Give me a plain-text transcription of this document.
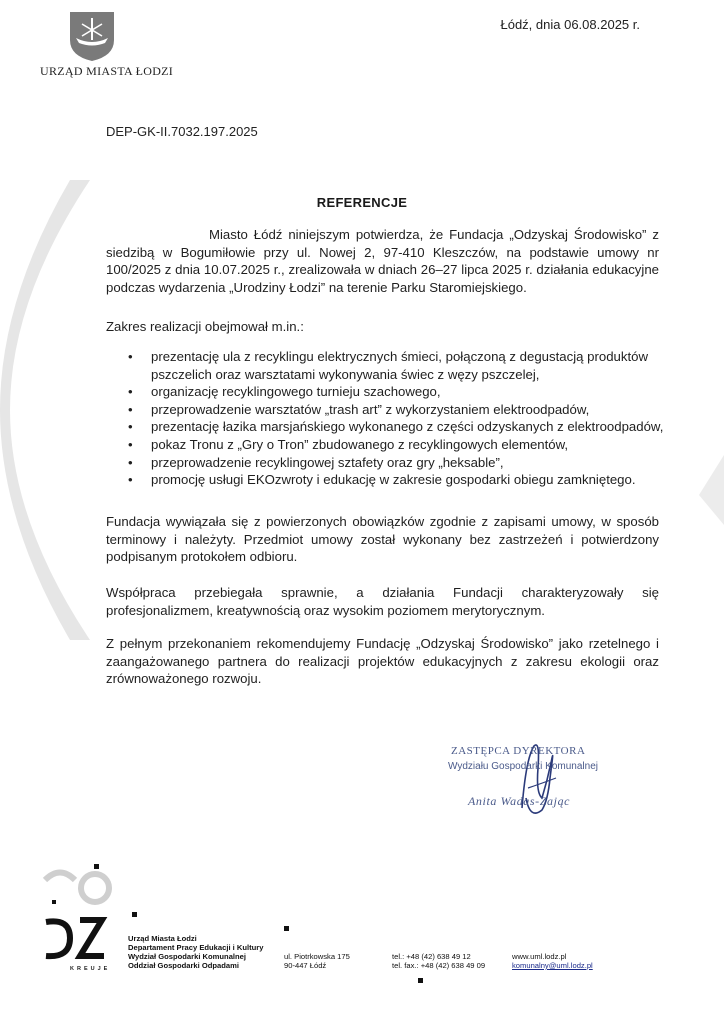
URZĄD MIASTA ŁODZI
Łódź, dnia 06.08.2025 r.
DEP-GK-II.7032.197.2025
REFERENCJE
Miasto Łódź niniejszym potwierdza, że Fundacja „Odzyskaj Środowisko” z siedzibą w Bogumiłowie przy ul. Nowej 2, 97-410 Kleszczów, na podstawie umowy nr 100/2025 z dnia 10.07.2025 r., zrealizowała w dniach 26–27 lipca 2025 r. działania edukacyjne podczas wydarzenia „Urodziny Łodzi” na terenie Parku Staromiejskiego.
Zakres realizacji obejmował m.in.:
• prezentację ula z recyklingu elektrycznych śmieci, połączoną z degustacją produktów pszczelich oraz warsztatami wykonywania świec z węzy pszczelej,
• organizację recyklingowego turnieju szachowego,
• przeprowadzenie warsztatów „trash art” z wykorzystaniem elektroodpadów,
• prezentację łazika marsjańskiego wykonanego z części odzyskanych z elektroodpadów,
• pokaz Tronu z „Gry o Tron” zbudowanego z recyklingowych elementów,
• przeprowadzenie recyklingowej sztafety oraz gry „heksable”,
• promocję usługi EKOzwroty i edukację w zakresie gospodarki obiegu zamkniętego.
Fundacja wywiązała się z powierzonych obowiązków zgodnie z zapisami umowy, w sposób terminowy i należyty. Przedmiot umowy został wykonany bez zastrzeżeń i potwierdzony podpisanym protokołem odbioru.
Współpraca przebiegała sprawnie, a działania Fundacji charakteryzowały się profesjonalizmem, kreatywnością oraz wysokim poziomem merytorycznym.
Z pełnym przekonaniem rekomendujemy Fundację „Odzyskaj Środowisko” jako rzetelnego i zaangażowanego partnera do realizacji projektów edukacyjnych z zakresu ekologii oraz zrównoważonego rozwoju.
ZASTĘPCA DYREKTORA
Wydziału Gospodarki Komunalnej
Anita Wadas-Zając
KREUJE
Urząd Miasta Łodzi
Departament Pracy Edukacji i Kultury
Wydział Gospodarki Komunalnej
Oddział Gospodarki Odpadami
ul. Piotrkowska 175
90-447 Łódź
tel.: +48 (42) 638 49 12
tel. fax.: +48 (42) 638 49 09
www.uml.lodz.pl
komunalny@uml.lodz.pl
